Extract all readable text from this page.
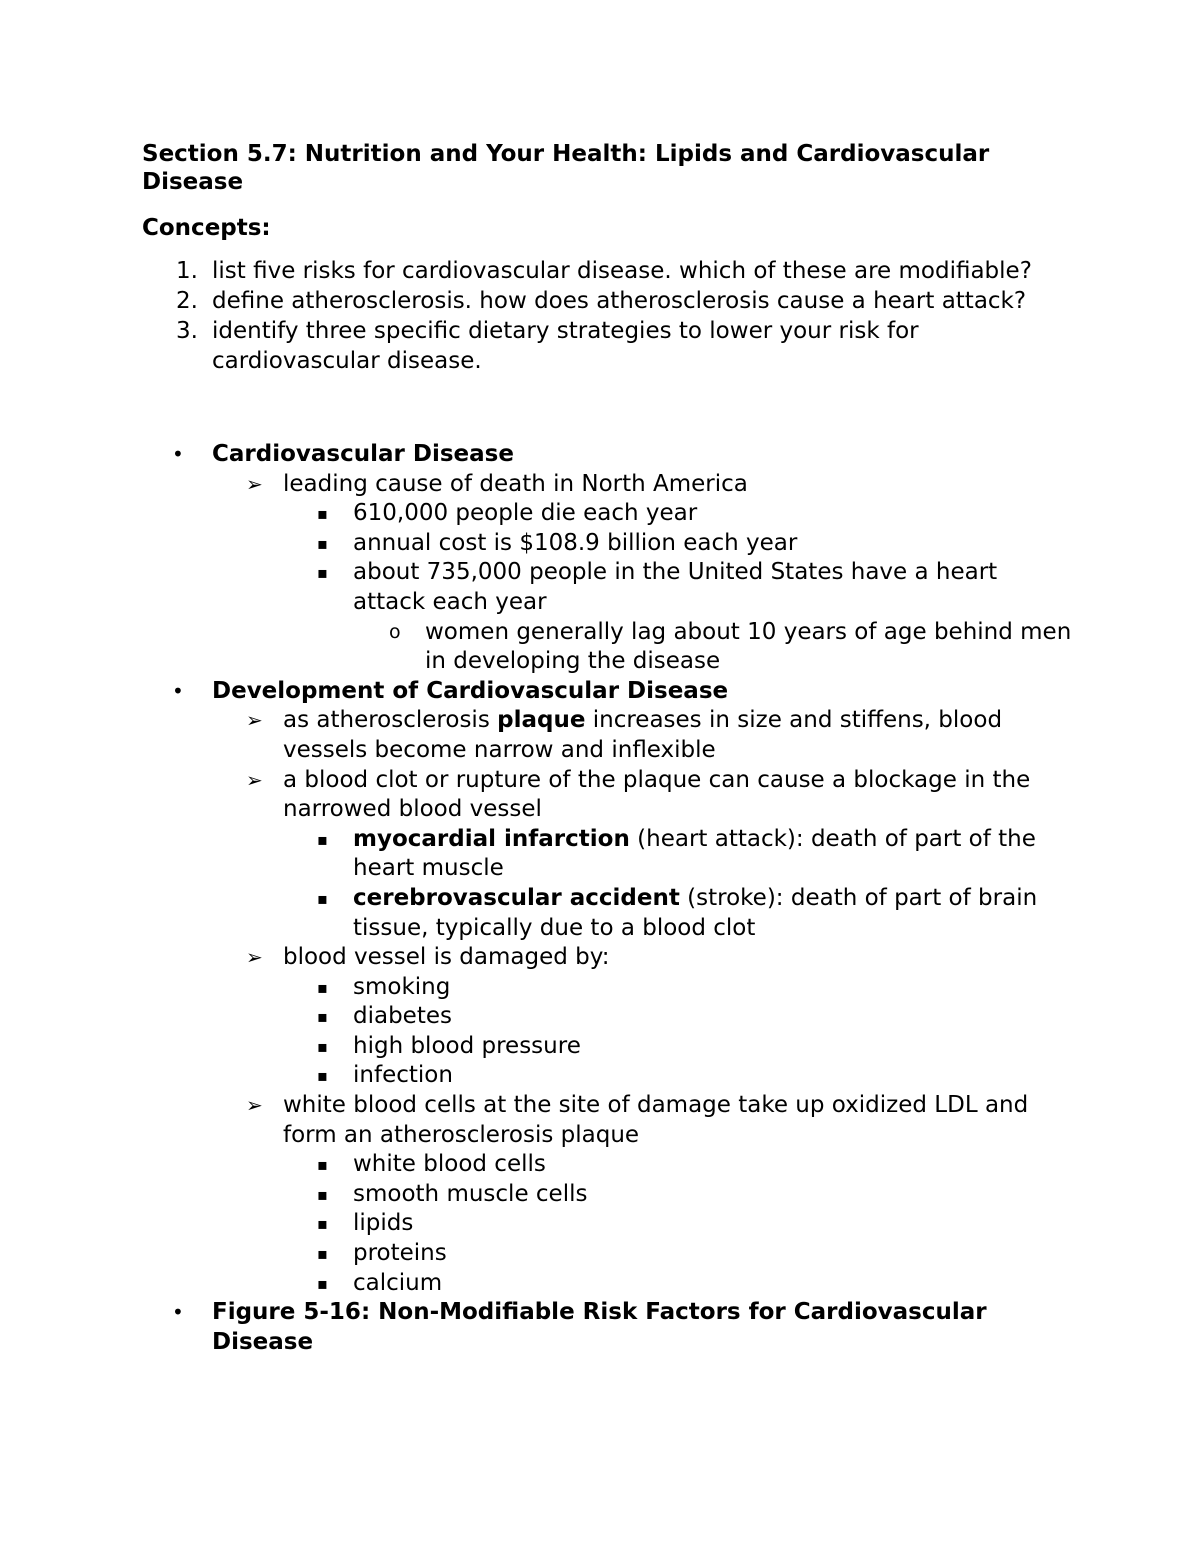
Section 5.7: Nutrition and Your Health: Lipids and Cardiovascular Disease
Concepts:
1. list five risks for cardiovascular disease. which of these are modifiable?
2. define atherosclerosis. how does atherosclerosis cause a heart attack?
3. identify three specific dietary strategies to lower your risk for cardiovascular disease.
• Cardiovascular Disease
➢ leading cause of death in North America
▪ 610,000 people die each year
▪ annual cost is $108.9 billion each year
▪ about 735,000 people in the United States have a heart attack each year
o women generally lag about 10 years of age behind men in developing the disease
• Development of Cardiovascular Disease
➢ as atherosclerosis plaque increases in size and stiffens, blood vessels become narrow and inflexible
➢ a blood clot or rupture of the plaque can cause a blockage in the narrowed blood vessel
▪ myocardial infarction (heart attack): death of part of the heart muscle
▪ cerebrovascular accident (stroke): death of part of brain tissue, typically due to a blood clot
➢ blood vessel is damaged by:
▪ smoking
▪ diabetes
▪ high blood pressure
▪ infection
➢ white blood cells at the site of damage take up oxidized LDL and form an atherosclerosis plaque
▪ white blood cells
▪ smooth muscle cells
▪ lipids
▪ proteins
▪ calcium
• Figure 5-16: Non-Modifiable Risk Factors for Cardiovascular Disease
